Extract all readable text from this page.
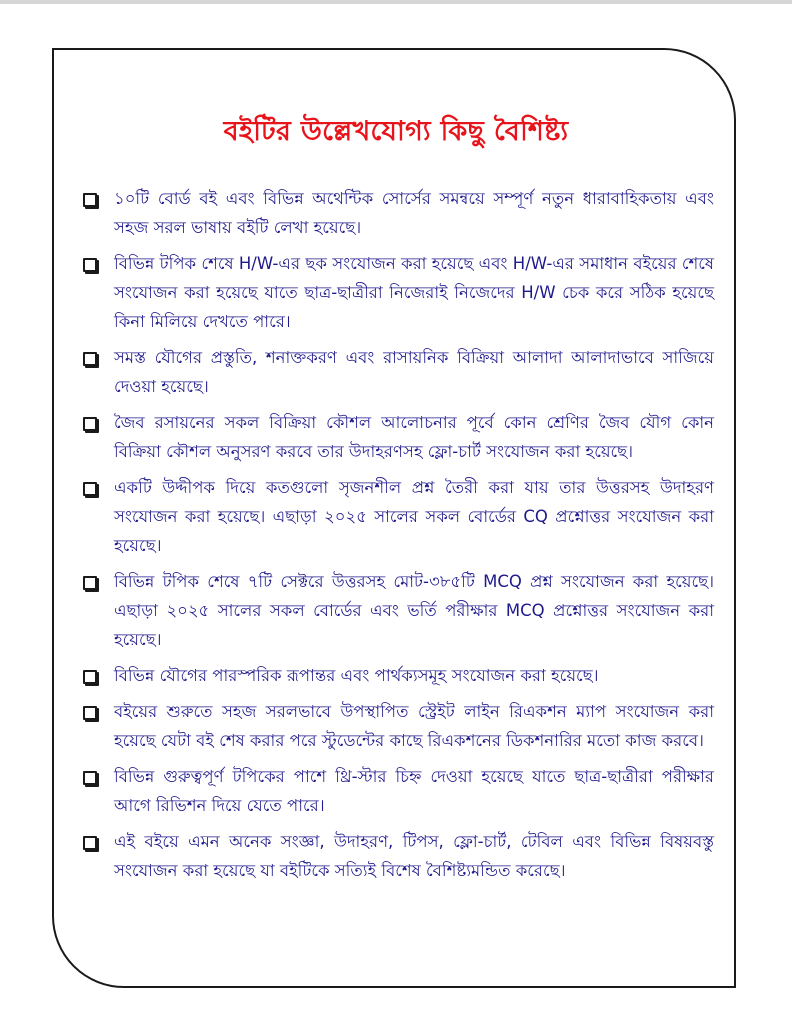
বইটির উল্লেখযোগ্য কিছু বৈশিষ্ট্য
১০টি বোর্ড বই এবং বিভিন্ন অথেন্টিক সোর্সের সমন্বয়ে সম্পূর্ণ নতুন ধারাবাহিকতায় এবং সহজ সরল ভাষায় বইটি লেখা হয়েছে।
বিভিন্ন টপিক শেষে H/W-এর ছক সংযোজন করা হয়েছে এবং H/W-এর সমাধান বইয়ের শেষে সংযোজন করা হয়েছে যাতে ছাত্র-ছাত্রীরা নিজেরাই নিজেদের H/W চেক করে সঠিক হয়েছে কিনা মিলিয়ে দেখতে পারে।
সমস্ত যৌগের প্রস্তুতি, শনাক্তকরণ এবং রাসায়নিক বিক্রিয়া আলাদা আলাদাভাবে সাজিয়ে দেওয়া হয়েছে।
জৈব রসায়নের সকল বিক্রিয়া কৌশল আলোচনার পূর্বে কোন শ্রেণির জৈব যৌগ কোন বিক্রিয়া কৌশল অনুসরণ করবে তার উদাহরণসহ ফ্লো-চার্ট সংযোজন করা হয়েছে।
একটি উদ্দীপক দিয়ে কতগুলো সৃজনশীল প্রশ্ন তৈরী করা যায় তার উত্তরসহ উদাহরণ সংযোজন করা হয়েছে। এছাড়া ২০২৫ সালের সকল বোর্ডের CQ প্রশ্নোত্তর সংযোজন করা হয়েছে।
বিভিন্ন টপিক শেষে ৭টি সেক্টরে উত্তরসহ মোট-৩৮৫টি MCQ প্রশ্ন সংযোজন করা হয়েছে। এছাড়া ২০২৫ সালের সকল বোর্ডের এবং ভর্তি পরীক্ষার MCQ প্রশ্নোত্তর সংযোজন করা হয়েছে।
বিভিন্ন যৌগের পারস্পরিক রূপান্তর এবং পার্থক্যসমূহ সংযোজন করা হয়েছে।
বইয়ের শুরুতে সহজ সরলভাবে উপস্থাপিত স্ট্রেইট লাইন রিএকশন ম্যাপ সংযোজন করা হয়েছে যেটা বই শেষ করার পরে স্টুডেন্টের কাছে রিএকশনের ডিকশনারির মতো কাজ করবে।
বিভিন্ন গুরুত্বপূর্ণ টপিকের পাশে থ্রি-স্টার চিহ্ন দেওয়া হয়েছে যাতে ছাত্র-ছাত্রীরা পরীক্ষার আগে রিভিশন দিয়ে যেতে পারে।
এই বইয়ে এমন অনেক সংজ্ঞা, উদাহরণ, টিপস, ফ্লো-চার্ট, টেবিল এবং বিভিন্ন বিষয়বস্তু সংযোজন করা হয়েছে যা বইটিকে সত্যিই বিশেষ বৈশিষ্ট্যমন্ডিত করেছে।
